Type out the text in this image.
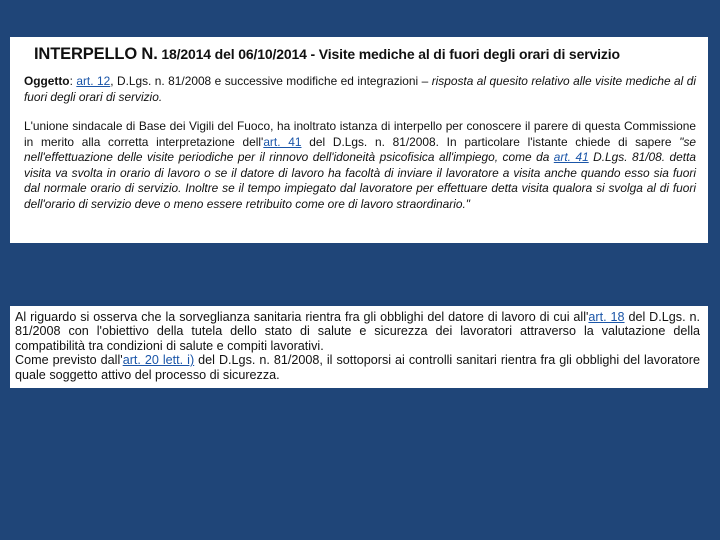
INTERPELLO N. 18/2014 del 06/10/2014 - Visite mediche al di fuori degli orari di servizio

Oggetto: art. 12, D.Lgs. n. 81/2008 e successive modifiche ed integrazioni – risposta al quesito relativo alle visite mediche al di fuori degli orari di servizio.

L'unione sindacale di Base dei Vigili del Fuoco, ha inoltrato istanza di interpello per conoscere il parere di questa Commissione in merito alla corretta interpretazione dell'art. 41 del D.Lgs. n. 81/2008. In particolare l'istante chiede di sapere "se nell'effettuazione delle visite periodiche per il rinnovo dell'idoneità psicofisica all'impiego, come da art. 41 D.Lgs. 81/08. detta visita va svolta in orario di lavoro o se il datore di lavoro ha facoltà di inviare il lavoratore a visita anche quando esso sia fuori dal normale orario di servizio. Inoltre se il tempo impiegato dal lavoratore per effettuare detta visita qualora si svolga al di fuori dell'orario di servizio deve o meno essere retribuito come ore di lavoro straordinario."

Al riguardo si osserva che la sorveglianza sanitaria rientra fra gli obblighi del datore di lavoro di cui all'art. 18 del D.Lgs. n. 81/2008 con l'obiettivo della tutela dello stato di salute e sicurezza dei lavoratori attraverso la valutazione della compatibilità tra condizioni di salute e compiti lavorativi.

Come previsto dall'art. 20 lett. i) del D.Lgs. n. 81/2008, il sottoporsi ai controlli sanitari rientra fra gli obblighi del lavoratore quale soggetto attivo del processo di sicurezza.
